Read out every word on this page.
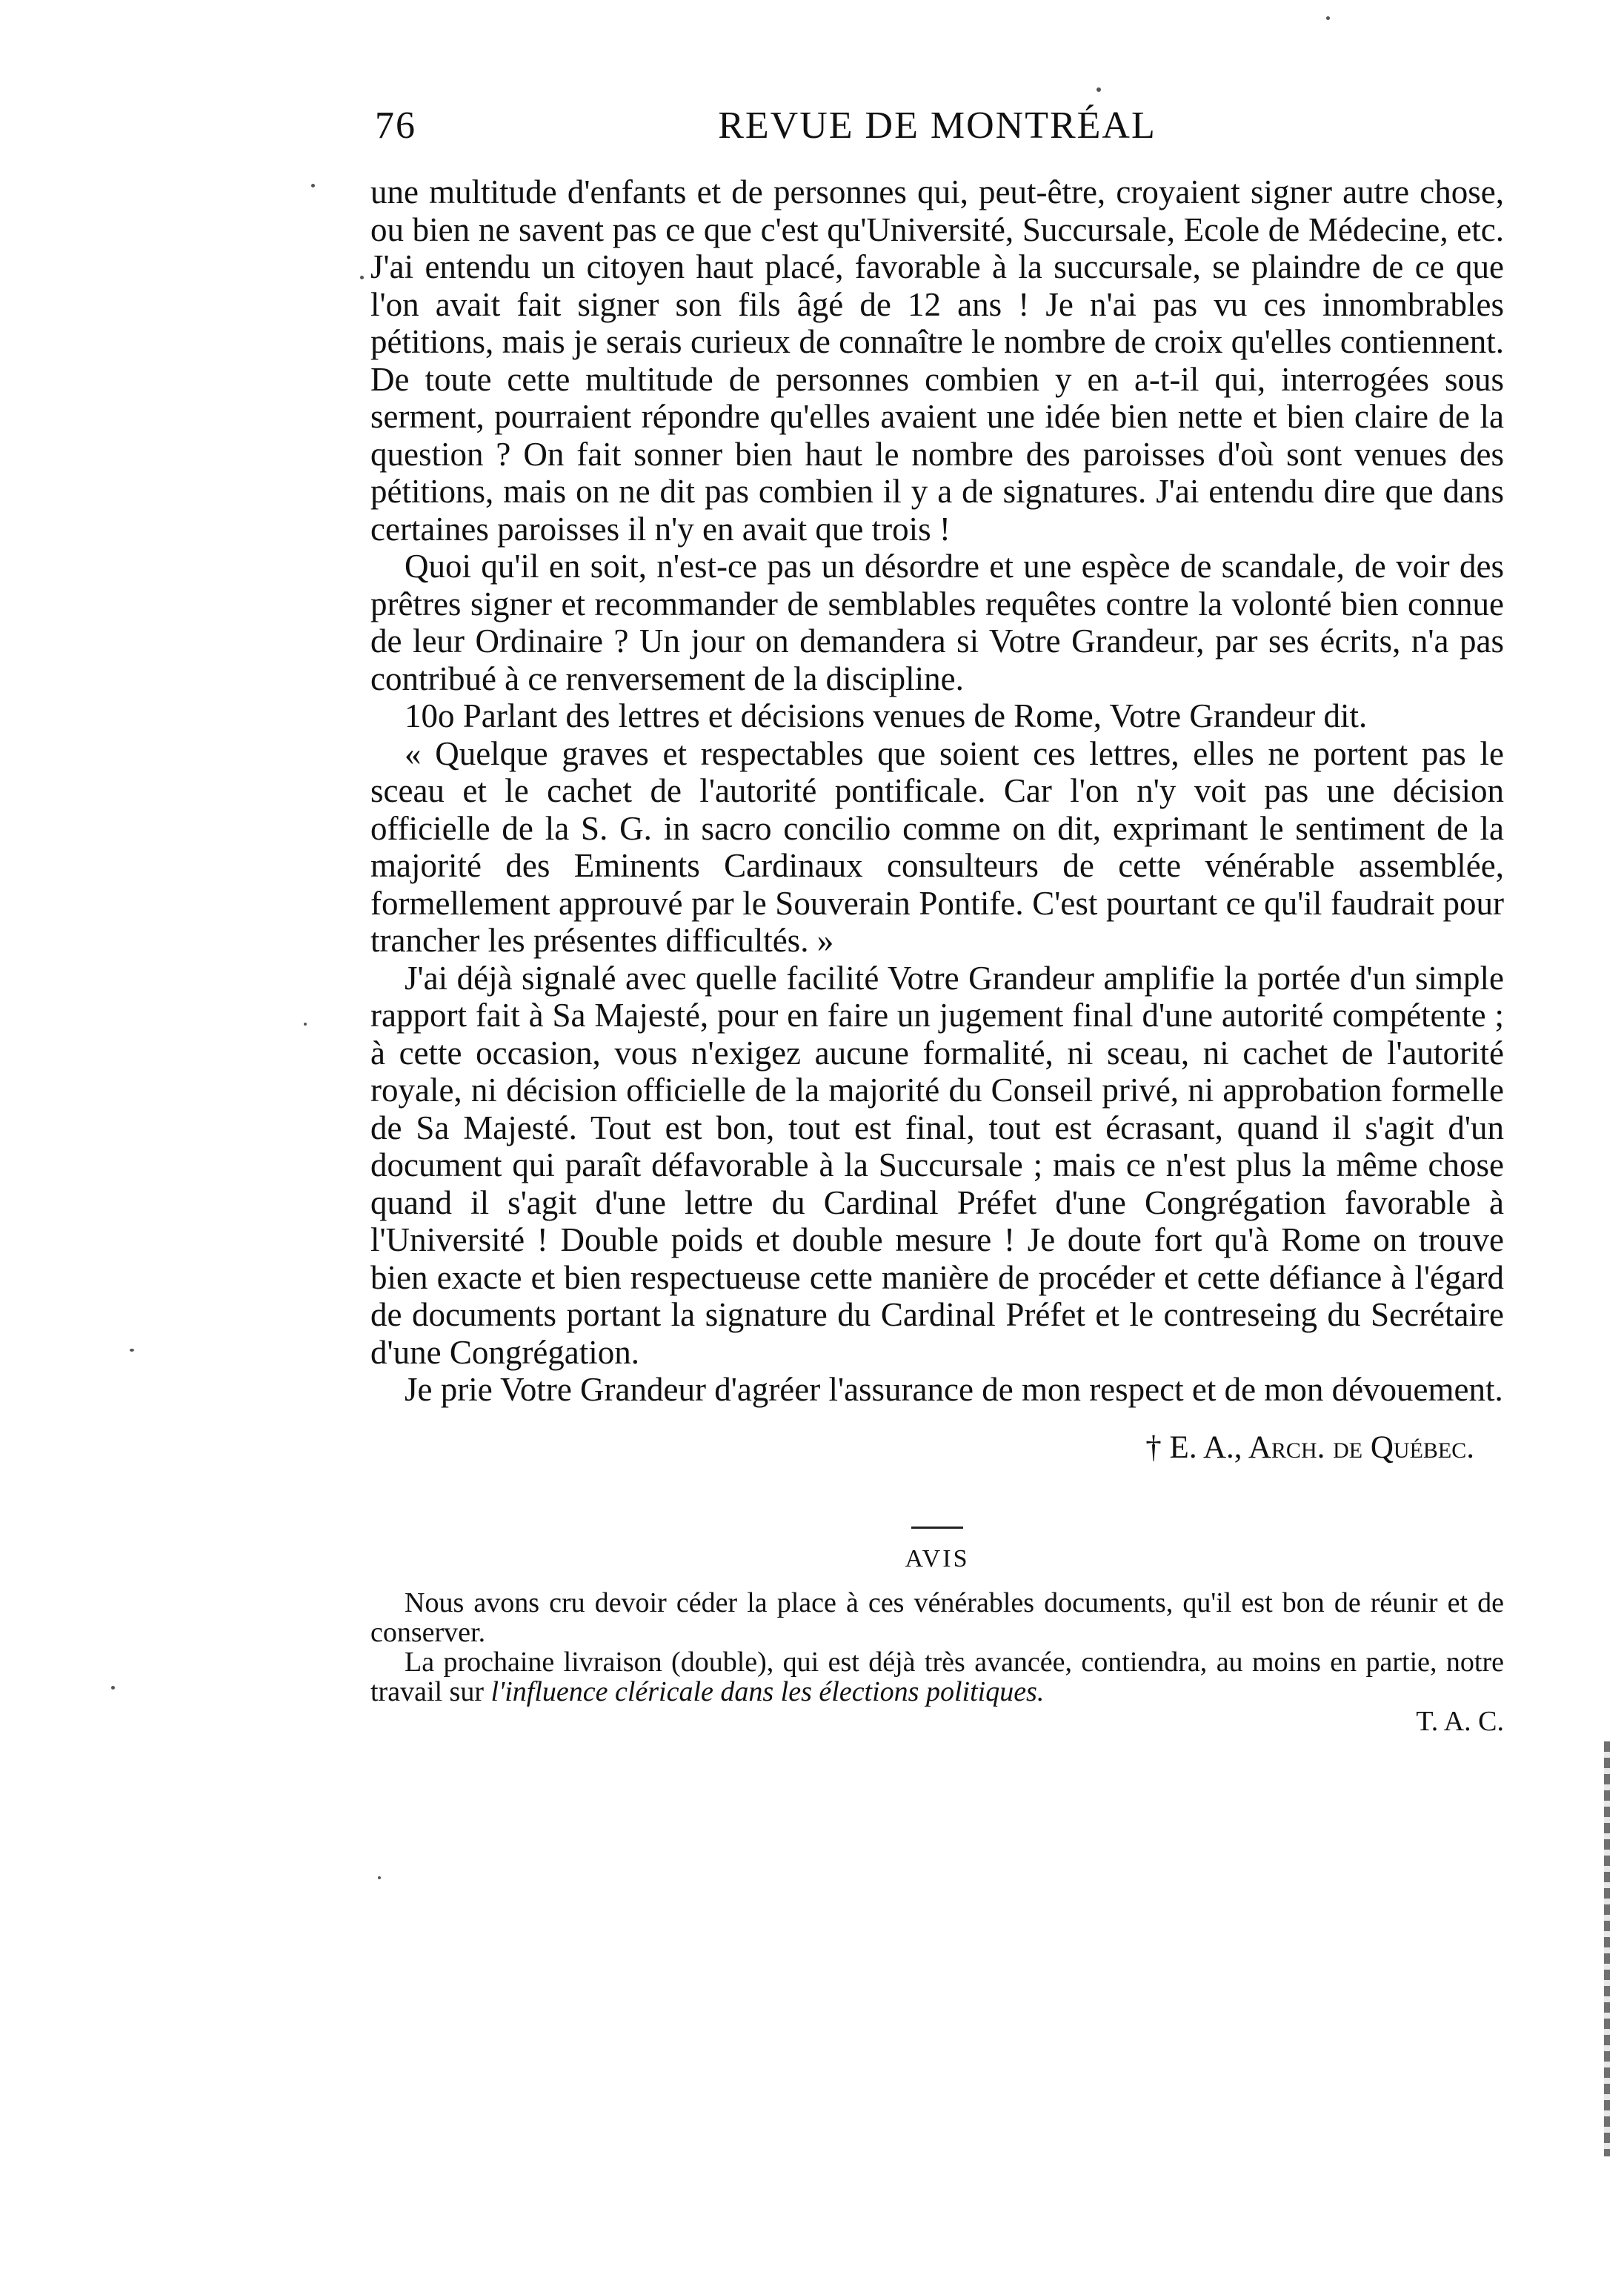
76	REVUE DE MONTRÉAL

une multitude d'enfants et de personnes qui, peut-être, croyaient signer autre chose, ou bien ne savent pas ce que c'est qu'Université, Succursale, Ecole de Médecine, etc. J'ai entendu un citoyen haut placé, favorable à la succursale, se plaindre de ce que l'on avait fait signer son fils âgé de 12 ans ! Je n'ai pas vu ces innombrables pétitions, mais je serais curieux de connaître le nombre de croix qu'elles contiennent. De toute cette multitude de personnes combien y en a-t-il qui, interrogées sous serment, pourraient répondre qu'elles avaient une idée bien nette et bien claire de la question ? On fait sonner bien haut le nombre des paroisses d'où sont venues des pétitions, mais on ne dit pas combien il y a de signatures. J'ai entendu dire que dans certaines paroisses il n'y en avait que trois !

Quoi qu'il en soit, n'est-ce pas un désordre et une espèce de scandale, de voir des prêtres signer et recommander de semblables requêtes contre la volonté bien connue de leur Ordinaire ? Un jour on demandera si Votre Grandeur, par ses écrits, n'a pas contribué à ce renversement de la discipline.

10o Parlant des lettres et décisions venues de Rome, Votre Grandeur dit.

« Quelque graves et respectables que soient ces lettres, elles ne portent pas le sceau et le cachet de l'autorité pontificale. Car l'on n'y voit pas une décision officielle de la S. G. in sacro concilio comme on dit, exprimant le sentiment de la majorité des Eminents Cardinaux consulteurs de cette vénérable assemblée, formellement approuvé par le Souverain Pontife. C'est pourtant ce qu'il faudrait pour trancher les présentes difficultés. »

J'ai déjà signalé avec quelle facilité Votre Grandeur amplifie la portée d'un simple rapport fait à Sa Majesté, pour en faire un jugement final d'une autorité compétente ; à cette occasion, vous n'exigez aucune formalité, ni sceau, ni cachet de l'autorité royale, ni décision officielle de la majorité du Conseil privé, ni approbation formelle de Sa Majesté. Tout est bon, tout est final, tout est écrasant, quand il s'agit d'un document qui paraît défavorable à la Succursale ; mais ce n'est plus la même chose quand il s'agit d'une lettre du Cardinal Préfet d'une Congrégation favorable à l'Université ! Double poids et double mesure ! Je doute fort qu'à Rome on trouve bien exacte et bien respectueuse cette manière de procéder et cette défiance à l'égard de documents portant la signature du Cardinal Préfet et le contreseing du Secrétaire d'une Congrégation.

Je prie Votre Grandeur d'agréer l'assurance de mon respect et de mon dévouement.

† E. A., Arch. de Québec.
AVIS

Nous avons cru devoir céder la place à ces vénérables documents, qu'il est bon de réunir et de conserver.

La prochaine livraison (double), qui est déjà très avancée, contiendra, au moins en partie, notre travail sur l'influence cléricale dans les élections politiques.

T. A. C.
